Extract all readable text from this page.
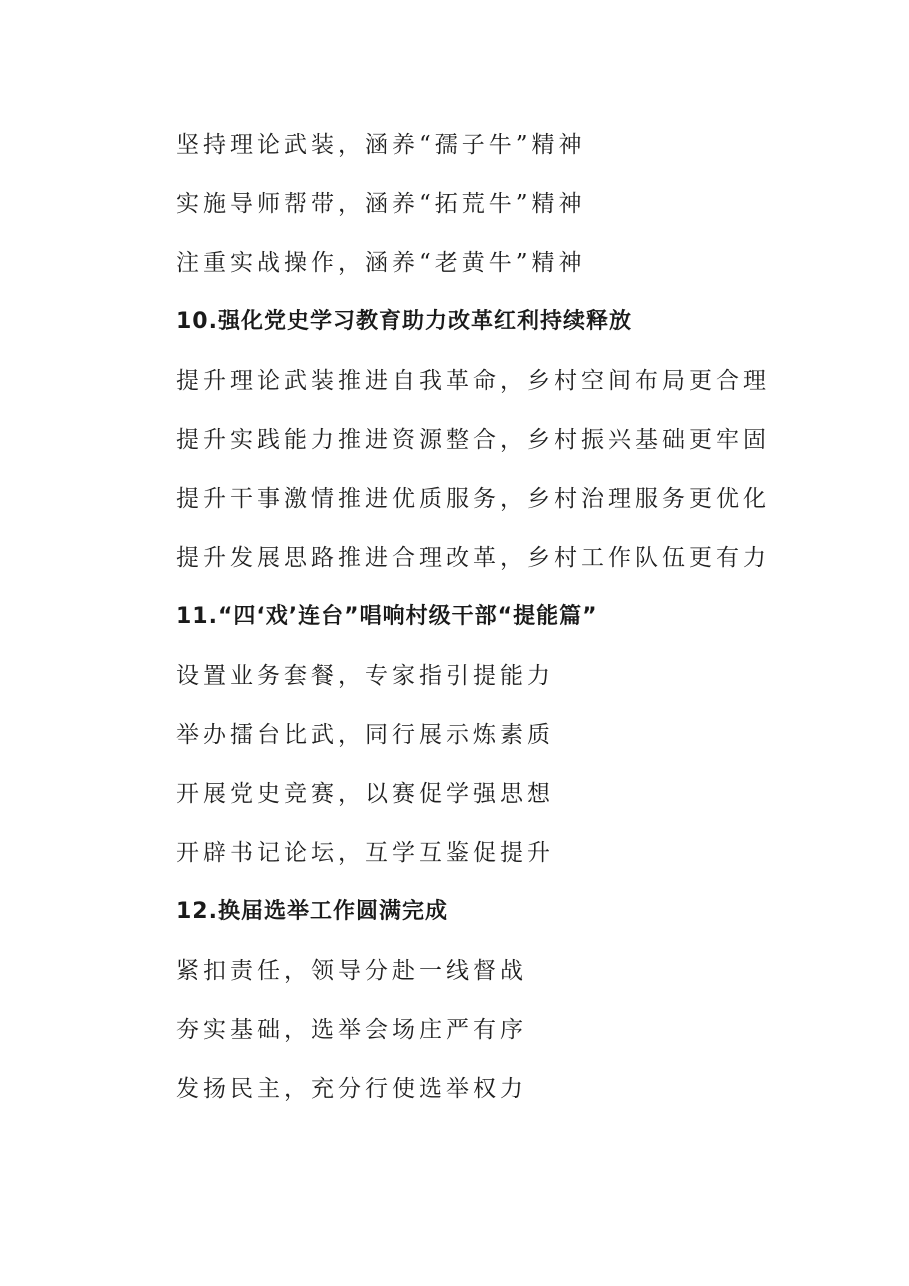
坚持理论武装，涵养“孺子牛”精神
实施导师帮带，涵养“拓荒牛”精神
注重实战操作，涵养“老黄牛”精神
10.强化党史学习教育助力改革红利持续释放
提升理论武装推进自我革命，乡村空间布局更合理
提升实践能力推进资源整合，乡村振兴基础更牢固
提升干事激情推进优质服务，乡村治理服务更优化
提升发展思路推进合理改革，乡村工作队伍更有力
11.“四‘戏’连台”唱响村级干部“提能篇”
设置业务套餐，专家指引提能力
举办擂台比武，同行展示炼素质
开展党史竞赛，以赛促学强思想
开辟书记论坛，互学互鉴促提升
12.换届选举工作圆满完成
紧扣责任，领导分赴一线督战
夯实基础，选举会场庄严有序
发扬民主，充分行使选举权力
